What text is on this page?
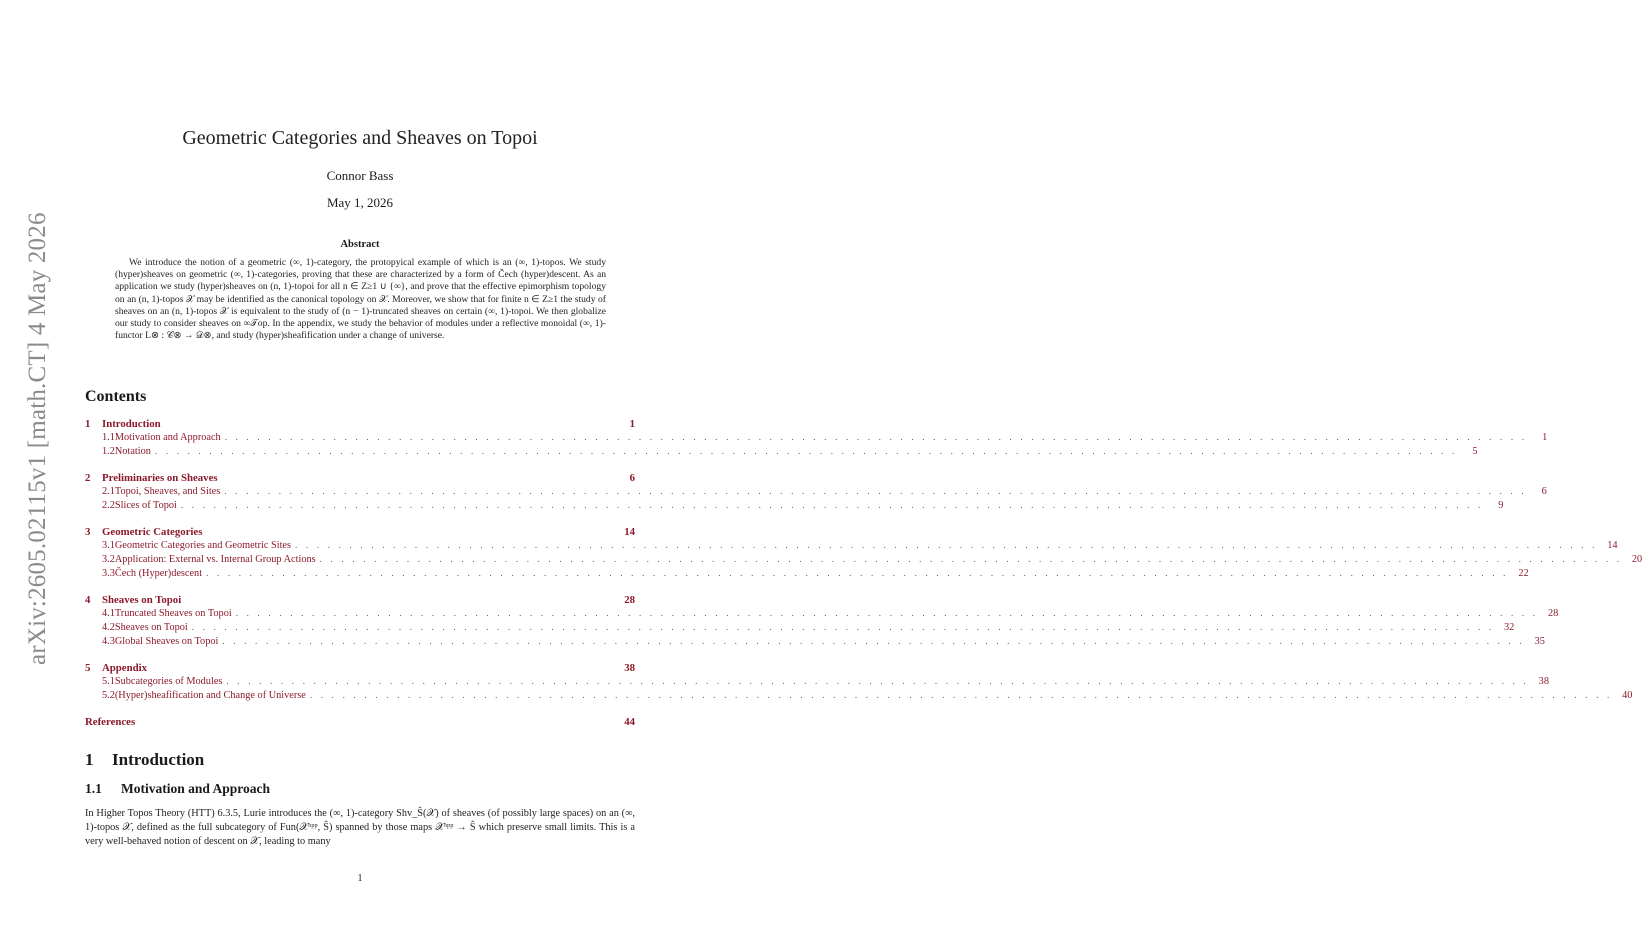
arXiv:2605.02115v1 [math.CT] 4 May 2026
Geometric Categories and Sheaves on Topoi
Connor Bass
May 1, 2026
Abstract
We introduce the notion of a geometric (∞, 1)-category, the protopyical example of which is an (∞, 1)-topos. We study (hyper)sheaves on geometric (∞, 1)-categories, proving that these are characterized by a form of Čech (hyper)descent. As an application we study (hyper)sheaves on (n, 1)-topoi for all n ∈ Z≥1 ∪ {∞}, and prove that the effective epimorphism topology on an (n, 1)-topos 𝒳 may be identified as the canonical topology on 𝒳. Moreover, we show that for finite n ∈ Z≥1 the study of sheaves on an (n, 1)-topos 𝒳 is equivalent to the study of (n − 1)-truncated sheaves on certain (∞, 1)-topoi. We then globalize our study to consider sheaves on ∞𝒯op. In the appendix, we study the behavior of modules under a reflective monoidal (∞, 1)-functor L⊗ : 𝒞⊗ → 𝒟⊗, and study (hyper)sheafification under a change of universe.
Contents
1	Introduction	1
1.1 Motivation and Approach . . . . . . . . . . . . . . . . . . . . . . . . . . . . . . . . . . . . . . . . . . . . . . . . . . . . . . . . . . . . . . . . . . . . . . . . . . . . . . . . . . . . . . . . . . . . . . . . . . . . . . . . . . . . . . . . . . . . . . . .	1
1.2 Notation . . . . . . . . . . . . . . . . . . . . . . . . . . . . . . . . . . . . . . . . . . . . . . . . . . . . . . . . . . . . . . . . . . . . . . . . . . . . . . . . . . . . . . . . . . . . . . . . . . . . . . . . . . . . . . . . . . . . . . . .	5
2	Preliminaries on Sheaves	6
2.1 Topoi, Sheaves, and Sites . . . . . . . . . . . . . . . . . . . . . . . . . . . . . . . . . . . . . . . . . . . . . . . . . . . . . . . . . . . . . . . . . . . . . . . . . . . . . . . . . . . . . . . . . . . . . . . . . . . . . . . . . . . . . . . . . . . . . . . .	6
2.2 Slices of Topoi . . . . . . . . . . . . . . . . . . . . . . . . . . . . . . . . . . . . . . . . . . . . . . . . . . . . . . . . . . . . . . . . . . . . . . . . . . . . . . . . . . . . . . . . . . . . . . . . . . . . . . . . . . . . . . . . . . . . . . . .	9
3	Geometric Categories	14
3.1 Geometric Categories and Geometric Sites . . . . . . . . . . . . . . . . . . . . . . . . . . . . . . . . . . . . . . . . . . . . . . . . . . . . . . . . . . . . . . . . . . . . . . . . . . . . . . . . . . . . . . . . . . . . . . . . . . . . . . . . . . . . . . . . . . . . . . . . 14
3.2 Application: External vs. Internal Group Actions . . . . . . . . . . . . . . . . . . . . . . . . . . . . . . . . . . . . . . . . . . . . . . . . . . . . . . . . . . . . . . . . . . . . . . . . . . . . . . . . . . . . . . . . . . . . . . . . . . . . . . . . . . . . . . . . . . . . . . . . 20
3.3 Čech (Hyper)descent . . . . . . . . . . . . . . . . . . . . . . . . . . . . . . . . . . . . . . . . . . . . . . . . . . . . . . . . . . . . . . . . . . . . . . . . . . . . . . . . . . . . . . . . . . . . . . . . . . . . . . . . . . . . . . . . . . . . . . . . 22
4	Sheaves on Topoi	28
4.1 Truncated Sheaves on Topoi . . . . . . . . . . . . . . . . . . . . . . . . . . . . . . . . . . . . . . . . . . . . . . . . . . . . . . . . . . . . . . . . . . . . . . . . . . . . . . . . . . . . . . . . . . . . . . . . . . . . . . . . . . . . . . . . . . . . . . . . 28
4.2 Sheaves on Topoi . . . . . . . . . . . . . . . . . . . . . . . . . . . . . . . . . . . . . . . . . . . . . . . . . . . . . . . . . . . . . . . . . . . . . . . . . . . . . . . . . . . . . . . . . . . . . . . . . . . . . . . . . . . . . . . . . . . . . . . . 32
4.3 Global Sheaves on Topoi . . . . . . . . . . . . . . . . . . . . . . . . . . . . . . . . . . . . . . . . . . . . . . . . . . . . . . . . . . . . . . . . . . . . . . . . . . . . . . . . . . . . . . . . . . . . . . . . . . . . . . . . . . . . . . . . . . . . . . . . 35
5	Appendix	38
5.1 Subcategories of Modules . . . . . . . . . . . . . . . . . . . . . . . . . . . . . . . . . . . . . . . . . . . . . . . . . . . . . . . . . . . . . . . . . . . . . . . . . . . . . . . . . . . . . . . . . . . . . . . . . . . . . . . . . . . . . . . . . . . . . . . . 38
5.2 (Hyper)sheafification and Change of Universe . . . . . . . . . . . . . . . . . . . . . . . . . . . . . . . . . . . . . . . . . . . . . . . . . . . . . . . . . . . . . . . . . . . . . . . . . . . . . . . . . . . . . . . . . . . . . . . . . . . . . . . . . . . . . . . . . . . . . . . . 40
References	44
1 Introduction
1.1 Motivation and Approach
In Higher Topos Theory (HTT) 6.3.5, Lurie introduces the (∞, 1)-category Shv_Ŝ(𝒳) of sheaves (of possibly large spaces) on an (∞, 1)-topos 𝒳, defined as the full subcategory of Fun(𝒳ᵒᵖᵖ, Ŝ) spanned by those maps 𝒳ᵒᵖᵖ → Ŝ which preserve small limits. This is a very well-behaved notion of descent on 𝒳, leading to many
1
